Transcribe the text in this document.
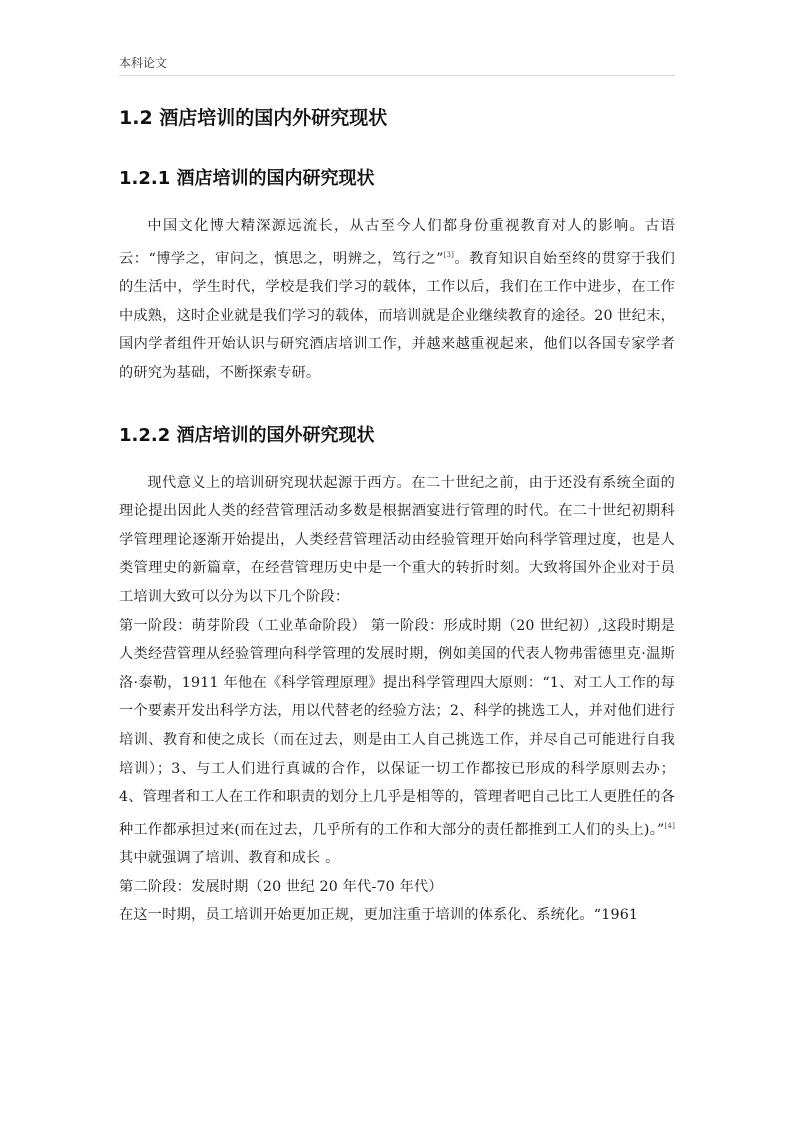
本科论文
1.2 酒店培训的国内外研究现状
1.2.1 酒店培训的国内研究现状

中国文化博大精深源远流长，从古至今人们都身份重视教育对人的影响。古语云：“博学之，审问之，慎思之，明辨之，笃行之”[3]。教育知识自始至终的贯穿于我们的生活中，学生时代，学校是我们学习的载体，工作以后，我们在工作中进步，在工作中成熟，这时企业就是我们学习的载体，而培训就是企业继续教育的途径。20 世纪末，国内学者组件开始认识与研究酒店培训工作，并越来越重视起来，他们以各国专家学者的研究为基础，不断探索专研。

1.2.2 酒店培训的国外研究现状

现代意义上的培训研究现状起源于西方。在二十世纪之前，由于还没有系统全面的理论提出因此人类的经营管理活动多数是根据酒宴进行管理的时代。在二十世纪初期科学管理理论逐渐开始提出，人类经营管理活动由经验管理开始向科学管理过度，也是人类管理史的新篇章，在经营管理历史中是一个重大的转折时刻。大致将国外企业对于员工培训大致可以分为以下几个阶段：

第一阶段：萌芽阶段（工业革命阶段） 第一阶段：形成时期（20 世纪初）,这段时期是人类经营管理从经验管理向科学管理的发展时期，例如美国的代表人物弗雷德里克·温斯洛·泰勒，1911 年他在《科学管理原理》提出科学管理四大原则：“1、对工人工作的每一个要素开发出科学方法，用以代替老的经验方法；2、科学的挑选工人，并对他们进行培训、教育和使之成长（而在过去，则是由工人自己挑选工作，并尽自己可能进行自我培训）；3、与工人们进行真诚的合作，以保证一切工作都按已形成的科学原则去办；4、管理者和工人在工作和职责的划分上几乎是相等的，管理者吧自己比工人更胜任的各种工作都承担过来(而在过去，几乎所有的工作和大部分的责任都推到工人们的头上)。”[4]其中就强调了培训、教育和成长 。

第二阶段：发展时期（20 世纪 20 年代-70 年代）

在这一时期，员工培训开始更加正规，更加注重于培训的体系化、系统化。“1961
